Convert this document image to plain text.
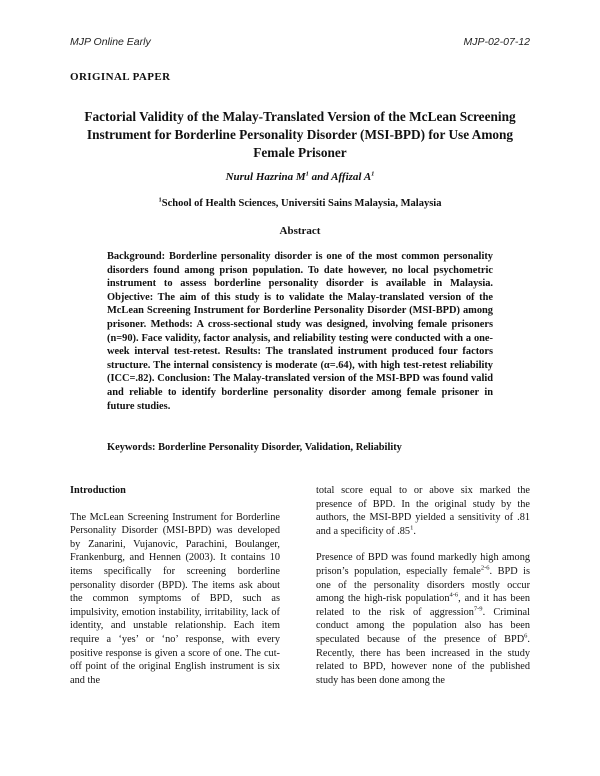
MJP Online Early	MJP-02-07-12
ORIGINAL PAPER
Factorial Validity of the Malay-Translated Version of the McLean Screening Instrument for Borderline Personality Disorder (MSI-BPD) for Use Among Female Prisoner
Nurul Hazrina $M^1$ and Affizal $A^1$
$^1$School of Health Sciences, Universiti Sains Malaysia, Malaysia
Abstract
Background: Borderline personality disorder is one of the most common personality disorders found among prison population. To date however, no local psychometric instrument to assess borderline personality disorder is available in Malaysia. Objective: The aim of this study is to validate the Malay-translated version of the McLean Screening Instrument for Borderline Personality Disorder (MSI-BPD) among prisoner. Methods: A cross-sectional study was designed, involving female prisoners (n=90). Face validity, factor analysis, and reliability testing were conducted with a one-week interval test-retest. Results: The translated instrument produced four factors structure. The internal consistency is moderate (α=.64), with high test-retest reliability (ICC=.82). Conclusion: The Malay-translated version of the MSI-BPD was found valid and reliable to identify borderline personality disorder among female prisoner in future studies.
Keywords: Borderline Personality Disorder, Validation, Reliability
Introduction

The McLean Screening Instrument for Borderline Personality Disorder (MSI-BPD) was developed by Zanarini, Vujanovic, Parachini, Boulanger, Frankenburg, and Hennen (2003). It contains 10 items specifically for screening borderline personality disorder (BPD). The items ask about the common symptoms of BPD, such as impulsivity, emotion instability, irritability, lack of identity, and unstable relationship. Each item require a ‘yes’ or ‘no’ response, with every positive response is given a score of one. The cut-off point of the original English instrument is six and the

total score equal to or above six marked the presence of BPD. In the original study by the authors, the MSI-BPD yielded a sensitivity of .81 and a specificity of $.85^1$.

Presence of BPD was found markedly high among prison’s population, especially female$^{2-6}$. BPD is one of the personality disorders mostly occur among the high-risk population$^{4-6}$, and it has been related to the risk of aggression$^{7-9}$. Criminal conduct among the population also has been speculated because of the presence of BPD$^6$. Recently, there has been increased in the study related to BPD, however none of the published study has been done among the
